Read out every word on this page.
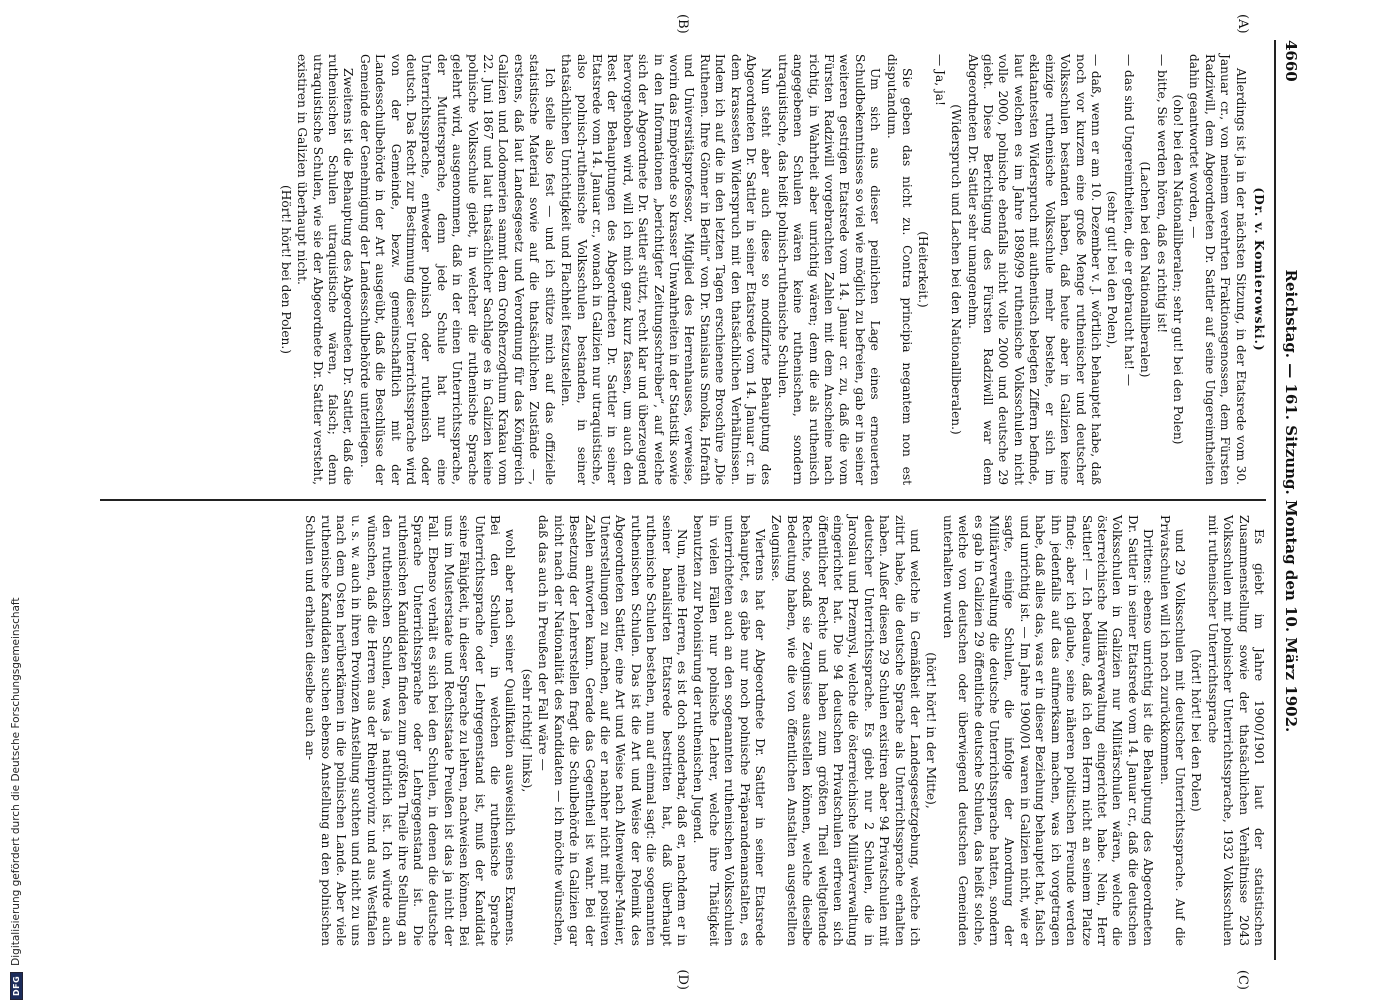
4660
Reichstag. — 161. Sitzung. Montag den 10. März 1902.
(A)
(B)
(C)
(D)
(Dr. v. Komierowski.)

Allerdings ist ja in der nächsten Sitzung, in der Etatsrede vom 30. Januar cr., von meinem verehrten Fraktionsgenossen, dem Fürsten Radziwill, dem Abgeordneten Dr. Sattler auf seine Ungereimtheiten dahin geantwortet worden, —

(oho! bei den Nationalliberalen; sehr gut! bei den Polen)

— bitte, Sie werden hören, daß es richtig ist!

(Lachen bei den Nationalliberalen)

— das sind Ungereimtheiten, die er gebraucht hat! —

(sehr gut! bei den Polen),

— daß, wenn er am 10. Dezember v. J. wörtlich behauptet habe, daß noch vor kurzem eine große Menge ruthenischer und deutscher Volksschulen bestanden haben, daß heute aber in Galizien keine einzige ruthenische Volksschule mehr bestehe, er sich im eklatantesten Widerspruch mit authentisch belegten Ziffern befinde, laut welchen es im Jahre 1898/99 ruthenische Volksschulen nicht volle 2000, polnische ebenfalls nicht volle 2000 und deutsche 29 giebt. Diese Berichtigung des Fürsten Radziwill war dem Abgeordneten Dr. Sattler sehr unangenehm.

(Widerspruch und Lachen bei den Nationalliberalen.)

— Ja, ja!

(Heiterkeit.)

Sie geben das nicht zu. Contra principia negantem non est disputandum.

Um sich aus dieser peinlichen Lage eines erneuerten Schuldbekenntnisses so viel wie möglich zu befreien, gab er in seiner weiteren gestrigen Etatsrede vom 14. Januar cr. zu, daß die vom Fürsten Radziwill vorgebrachten Zahlen mit dem Anscheine nach richtig, in Wahrheit aber unrichtig wären; denn die als ruthenisch angegebenen Schulen wären keine ruthenischen, sondern utraquistische, das heißt polnisch-ruthenische Schulen.

Nun steht aber auch diese so modifizirte Behauptung des Abgeordneten Dr. Sattler in seiner Etatsrede vom 14. Januar cr. in dem krassesten Widerspruch mit den thatsächlichen Verhältnissen. Indem ich auf die in den letzten Tagen erschienene Broschüre „Die Ruthenen. Ihre Gönner in Berlin“ von Dr. Stanislaus Smolka, Hofrath und Universitätsprofessor, Mitglied des Herrenhauses, verweise, worin das Empörende so krasser Unwahrheiten in der Statistik sowie in den Informationen „berichtigter Zeitungsschreiber“, auf welche sich der Abgeordnete Dr. Sattler stützt, recht klar und überzeugend hervorgehoben wird, will ich mich ganz kurz fassen, um auch den Rest der Behauptungen des Abgeordneten Dr. Sattler in seiner Etatsrede vom 14. Januar cr., wonach in Galizien nur utraquistische, also polnisch-ruthenische Volksschulen bestanden, in seiner thatsächlichen Unrichtigkeit und Flachheit festzustellen.

Ich stelle also fest — und ich stütze mich auf das offizielle statistische Material sowie auf die thatsächlichen Zustände —, erstens, daß laut Landesgesetz und Verordnung für das Königreich Galizien und Lodomerien sammt dem Großherzogthum Krakau vom 22. Juni 1867 und laut thatsächlicher Sachlage es in Galizien keine polnische Volksschule giebt, in welcher die ruthenische Sprache gelehrt wird, ausgenommen, daß in der einen Unterrichtssprache, der Muttersprache, denn jede Schule hat nur eine Unterrichtssprache, entweder polnisch oder ruthenisch oder deutsch. Das Recht zur Bestimmung dieser Unterrichtssprache wird von der Gemeinde, bezw. gemeinschaftlich mit der Landesschulbehörde in der Art ausgeübt, daß die Beschlüsse der Gemeinde der Genehmigung der Landesschulbehörde unterliegen.

Zweitens ist die Behauptung des Abgeordneten Dr. Sattler, daß die ruthenischen Schulen utraquistische wären, falsch; denn utraquistische Schulen, wie sie der Abgeordnete Dr. Sattler versteht, existiren in Galizien überhaupt nicht.

(Hört! hört! bei den Polen.)

Es giebt im Jahre 1900/1901 laut der statistischen Zusammenstellung sowie der thatsächlichen Verhältnisse 2043 Volksschulen mit polnischer Unterrichtssprache, 1932 Volksschulen mit ruthenischer Unterrichtssprache

(hört! hört! bei den Polen)

und 29 Volksschulen mit deutscher Unterrichtssprache. Auf die Privatschulen will ich noch zurückkommen.

Drittens: ebenso unrichtig ist die Behauptung des Abgeordneten Dr. Sattler in seiner Etatsrede vom 14. Januar cr., daß die deutschen Volksschulen in Galizien nur Militärschulen wären, welche die österreichische Militärverwaltung eingerichtet habe. Nein, Herr Sattler! — Ich bedaure, daß ich den Herrn nicht an seinem Platze finde; aber ich glaube, seine näheren politischen Freunde werden ihn jedenfalls auf das aufmerksam machen, was ich vorgetragen habe, daß alles das, was er in dieser Beziehung behauptet hat, falsch und unrichtig ist. — Im Jahre 1900/01 waren in Galizien nicht, wie er sagte, einige Schulen, die infolge der Anordnung der Militärverwaltung die deutsche Unterrichtssprache hatten, sondern es gab in Galizien 29 öffentliche deutsche Schulen, das heißt solche, welche von deutschen oder überwiegend deutschen Gemeinden unterhalten wurden

(hört! hört! in der Mitte),

und welche in Gemäßheit der Landesgesetzgebung, welche ich zitirt habe, die deutsche Sprache als Unterrichtssprache erhalten haben. Außer diesen 29 Schulen existiren aber 94 Privatschulen mit deutscher Unterrichtssprache. Es giebt nur 2 Schulen, die in Jaroslau und Przemysl, welche die österreichische Militärverwaltung eingerichtet hat. Die 94 deutschen Privatschulen erfreuen sich öffentlicher Rechte und haben zum größten Theil weltgeltende Rechte, sodaß sie Zeugnisse ausstellen können, welche dieselbe Bedeutung haben, wie die von öffentlichen Anstalten ausgestellten Zeugnisse.

Viertens hat der Abgeordnete Dr. Sattler in seiner Etatsrede behauptet, es gäbe nur noch polnische Präparandenanstalten, es unterrichteten auch an den sogenannten ruthenischen Volksschulen in vielen Fällen nur polnische Lehrer, welche ihre Thätigkeit benutzten zur Polonisirung der ruthenischen Jugend.

Nun, meine Herren, es ist doch sonderbar, daß er, nachdem er in seiner banalisirten Etatsrede bestritten hat, daß überhaupt ruthenische Schulen bestehen, nun auf einmal sagt: die sogenannten ruthenischen Schulen. Das ist die Art und Weise der Polemik des Abgeordneten Sattler, eine Art und Weise nach Altenweiber-Manier, Unterstellungen zu machen, auf die er nachher nicht mit positiven Zahlen antworten kann. Gerade das Gegentheil ist wahr. Bei der Besetzung der Lehrerstellen fragt die Schulbehörde in Galizien gar nicht nach der Nationalität des Kandidaten — ich möchte wünschen, daß das auch in Preußen der Fall wäre —

(sehr richtig! links),

wohl aber nach seiner Qualifikation ausweislich seines Examens. Bei den Schulen, in welchen die ruthenische Sprache Unterrichtssprache oder Lehrgegenstand ist, muß der Kandidat seine Fähigkeit, in dieser Sprache zu lehren, nachweisen können. Bei uns im Musterstaate und Rechtsstaate Preußen ist das ja nicht der Fall. Ebenso verhält es sich bei den Schulen, in denen die deutsche Sprache Unterrichtssprache oder Lehrgegenstand ist. Die ruthenischen Kandidaten finden zum größten Theile ihre Stellung an den ruthenischen Schulen, was ja natürlich ist. Ich würde auch wünschen, daß die Herren aus der Rheinprovinz und aus Westfalen u. s. w. auch in ihren Provinzen Anstellung suchten und nicht zu uns nach dem Osten herüberkämen in die polnischen Lande. Aber viele ruthenische Kandidaten suchen ebenso Anstellung an den polnischen Schulen und erhalten dieselbe auch an-

DFG
Digitalisierung gefördert durch die Deutsche Forschungsgemeinschaft
